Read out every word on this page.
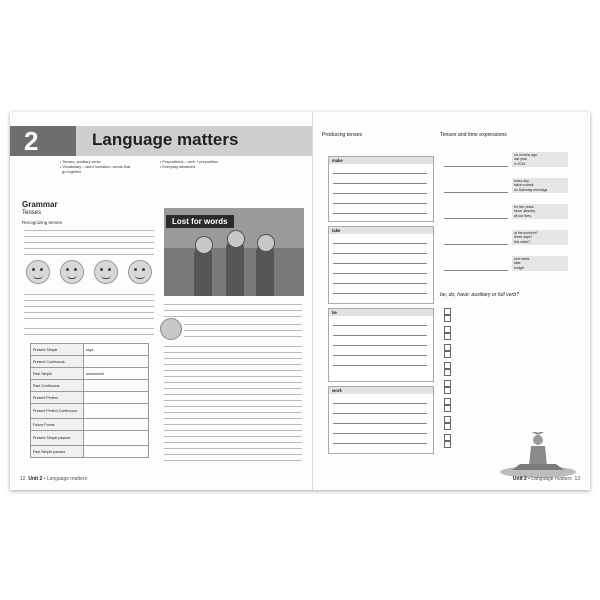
2	Language matters
• Tenses, auxiliary verbs
• Vocabulary – word formation, words that
go together
• Prepositions – verb + preposition
• Everyday situations
Grammar
Tenses
Recognizing tenses
Present Simple	says
Present Continuous	
Past Simple	announced
Past Continuous	
Present Perfect	
Present Perfect Continuous	
Future Forms	
Present Simple passive	
Past Simple passive	
Lost for words
Producing tenses	Tenses and time expressions
make
take
be
work
six months ago.
last year.
in 2015.
every day.
twice a week.
on Saturday mornings.
for five years.
since January.
all our lives.
at the moment?
these days?
this week?
next week.
later.
tonight.
be, do, have: auxiliary or full verb?
12 Unit 2 • Language matters	Unit 2 • Language matters 13
